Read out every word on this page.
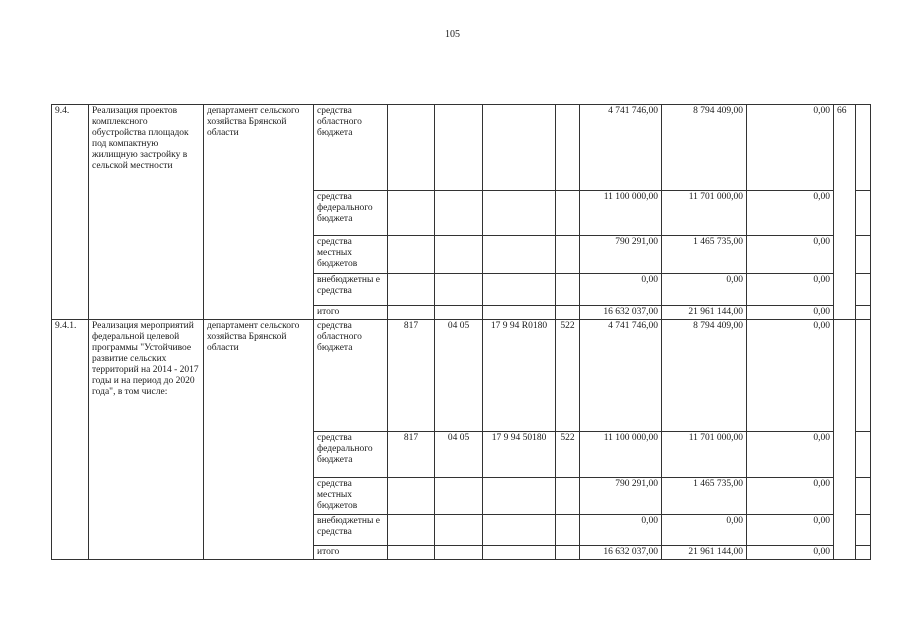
105
9.4.	Реализация проектов комплексного обустройства площадок под компактную жилищную застройку в сельской местности	департамент сельского хозяйства Брянской области	средства областного бюджета					4 741 746,00	8 794 409,00	0,00	66	
			средства федерального бюджета					11 100 000,00	11 701 000,00	0,00		
			средства местных бюджетов					790 291,00	1 465 735,00	0,00		
			внебюджетны е средства					0,00	0,00	0,00		
			итого					16 632 037,00	21 961 144,00	0,00		
9.4.1.	Реализация мероприятий федеральной целевой программы "Устойчивое развитие сельских территорий на 2014 - 2017 годы и на период до 2020 года", в том числе:	департамент сельского хозяйства Брянской области	средства областного бюджета	817	04 05	17 9 94 R0180	522	4 741 746,00	8 794 409,00	0,00		
			средства федерального бюджета	817	04 05	17 9 94 50180	522	11 100 000,00	11 701 000,00	0,00		
			средства местных бюджетов					790 291,00	1 465 735,00	0,00		
			внебюджетны е средства					0,00	0,00	0,00		
			итого					16 632 037,00	21 961 144,00	0,00		
